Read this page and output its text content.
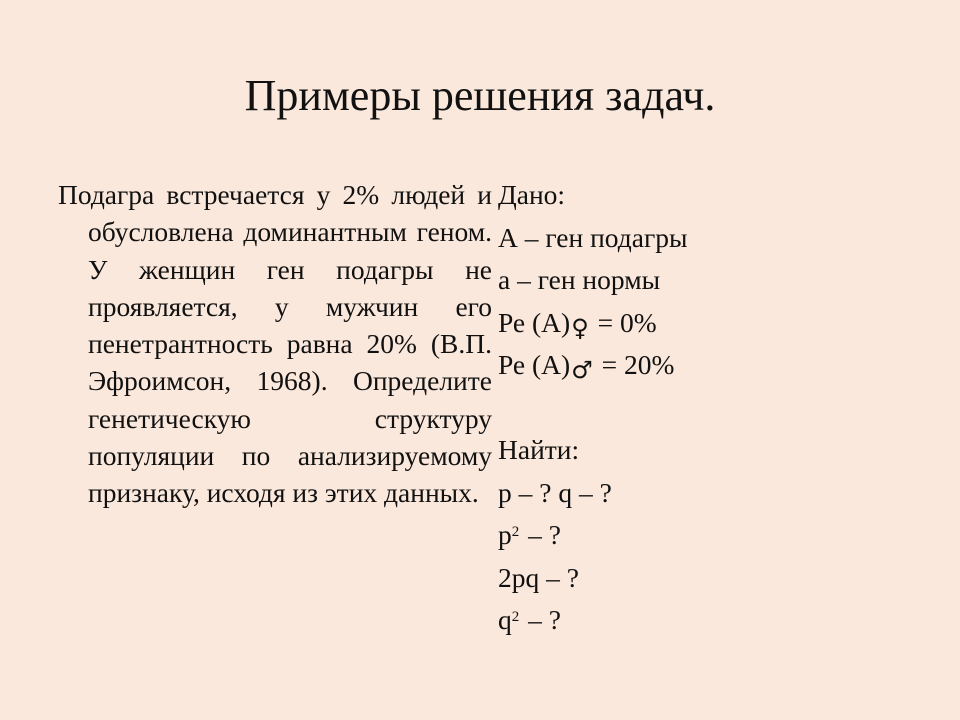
Примеры решения задач.

Подагра встречается у 2% людей и обусловлена доминантным геном. У женщин ген подагры не проявляется, у мужчин его пенетрантность равна 20% (В.П. Эфроимсон, 1968). Определите генетическую структуру популяции по анализируемому признаку, исходя из этих данных.

Дано:
А – ген подагры
а – ген нормы
Ре (А)♀ = 0%
Ре (А)♂ = 20%
Найти:
p – ? q – ?
$p^2$ – ?
2pq – ?
$q^2$ – ?
